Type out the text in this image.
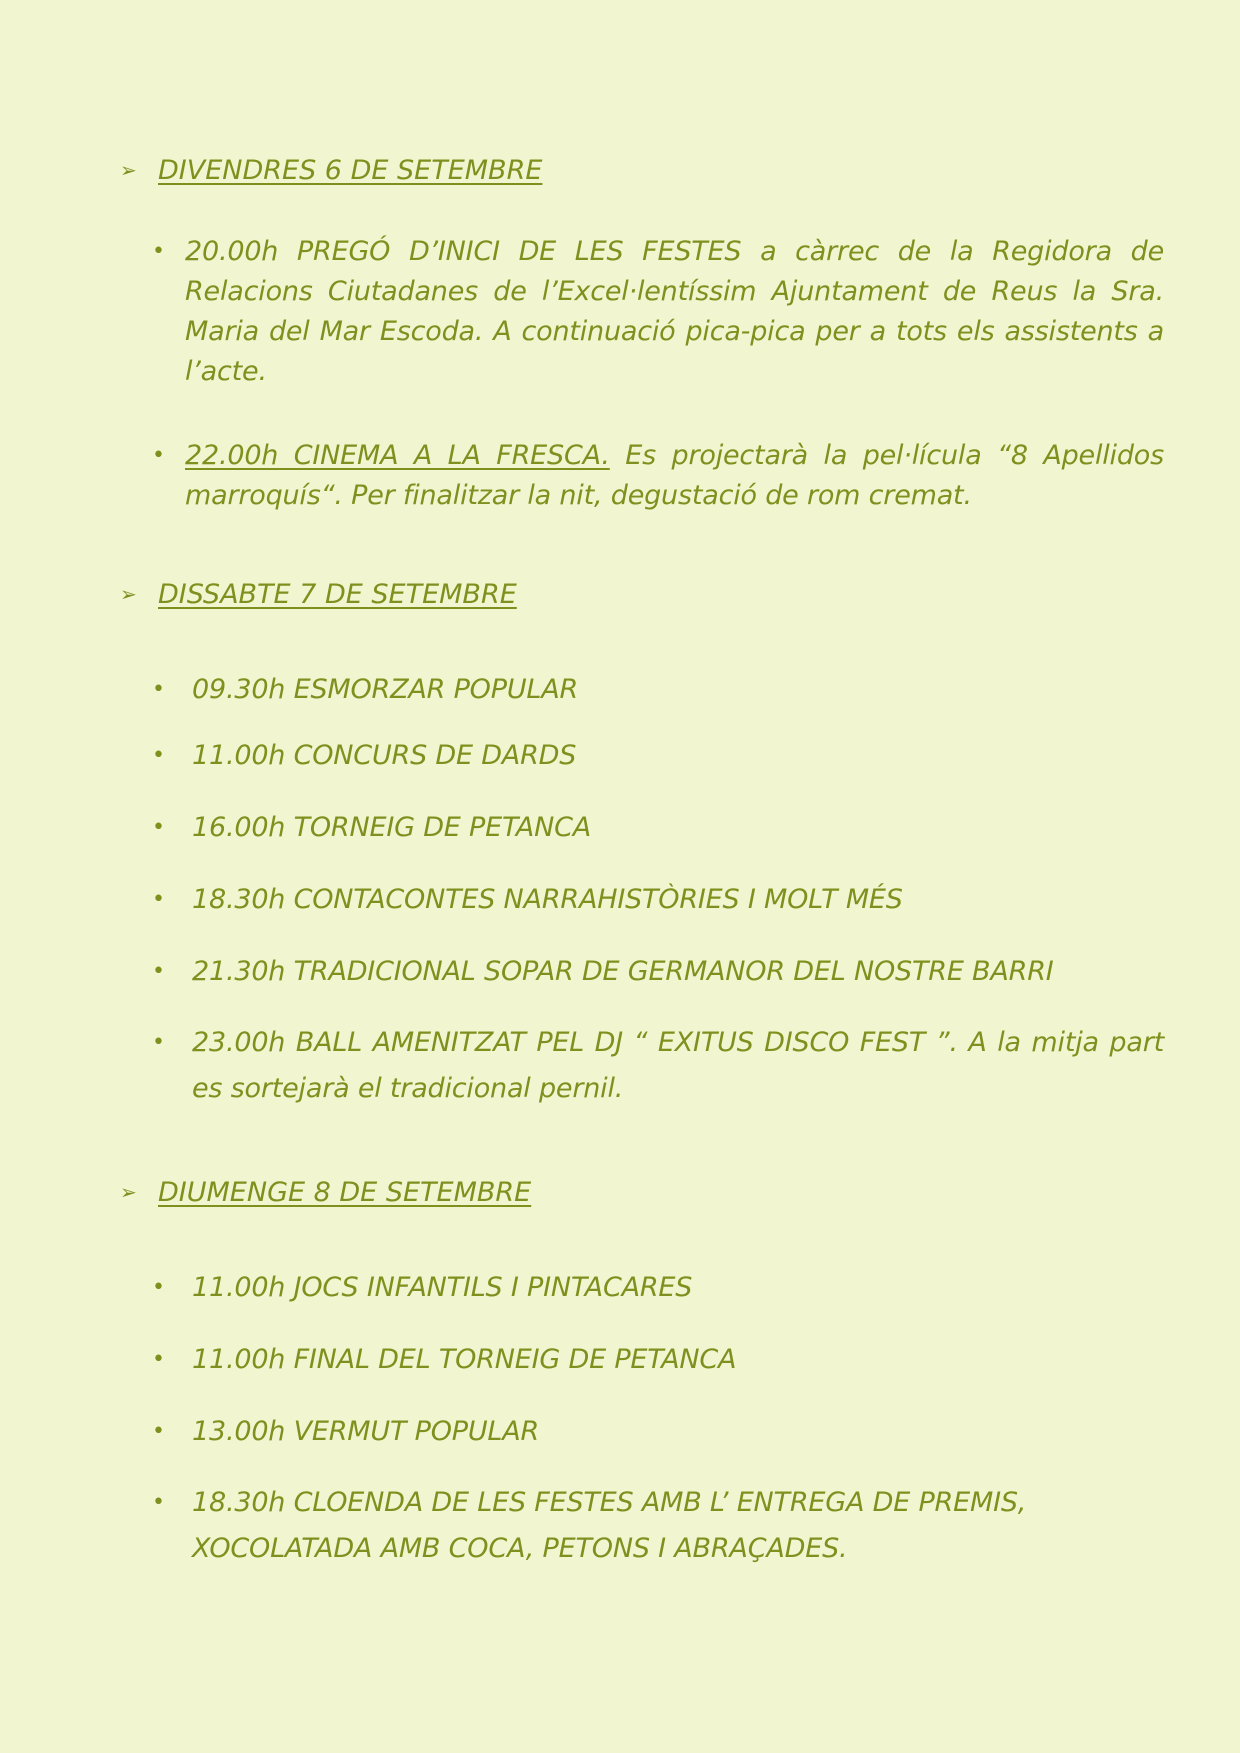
➢ DIVENDRES 6 DE SETEMBRE
• 20.00h PREGÓ D’INICI DE LES FESTES a càrrec de la Regidora de Relacions Ciutadanes de l’Excel·lentíssim Ajuntament de Reus la Sra. Maria del Mar Escoda. A continuació pica-pica per a tots els assistents a l’acte.
• 22.00h CINEMA A LA FRESCA. Es projectarà la pel·lícula “8 Apellidos marroquís“. Per finalitzar la nit, degustació de rom cremat.
➢ DISSABTE 7 DE SETEMBRE
• 09.30h ESMORZAR POPULAR
• 11.00h CONCURS DE DARDS
• 16.00h TORNEIG DE PETANCA
• 18.30h CONTACONTES NARRAHISTÒRIES I MOLT MÉS
• 21.30h TRADICIONAL SOPAR DE GERMANOR DEL NOSTRE BARRI
• 23.00h BALL AMENITZAT PEL DJ “ EXITUS DISCO FEST ”. A la mitja part es sortejarà el tradicional pernil.
➢ DIUMENGE 8 DE SETEMBRE
• 11.00h JOCS INFANTILS I PINTACARES
• 11.00h FINAL DEL TORNEIG DE PETANCA
• 13.00h VERMUT POPULAR
• 18.30h CLOENDA DE LES FESTES AMB L’ ENTREGA DE PREMIS, XOCOLATADA AMB COCA, PETONS I ABRAÇADES.
